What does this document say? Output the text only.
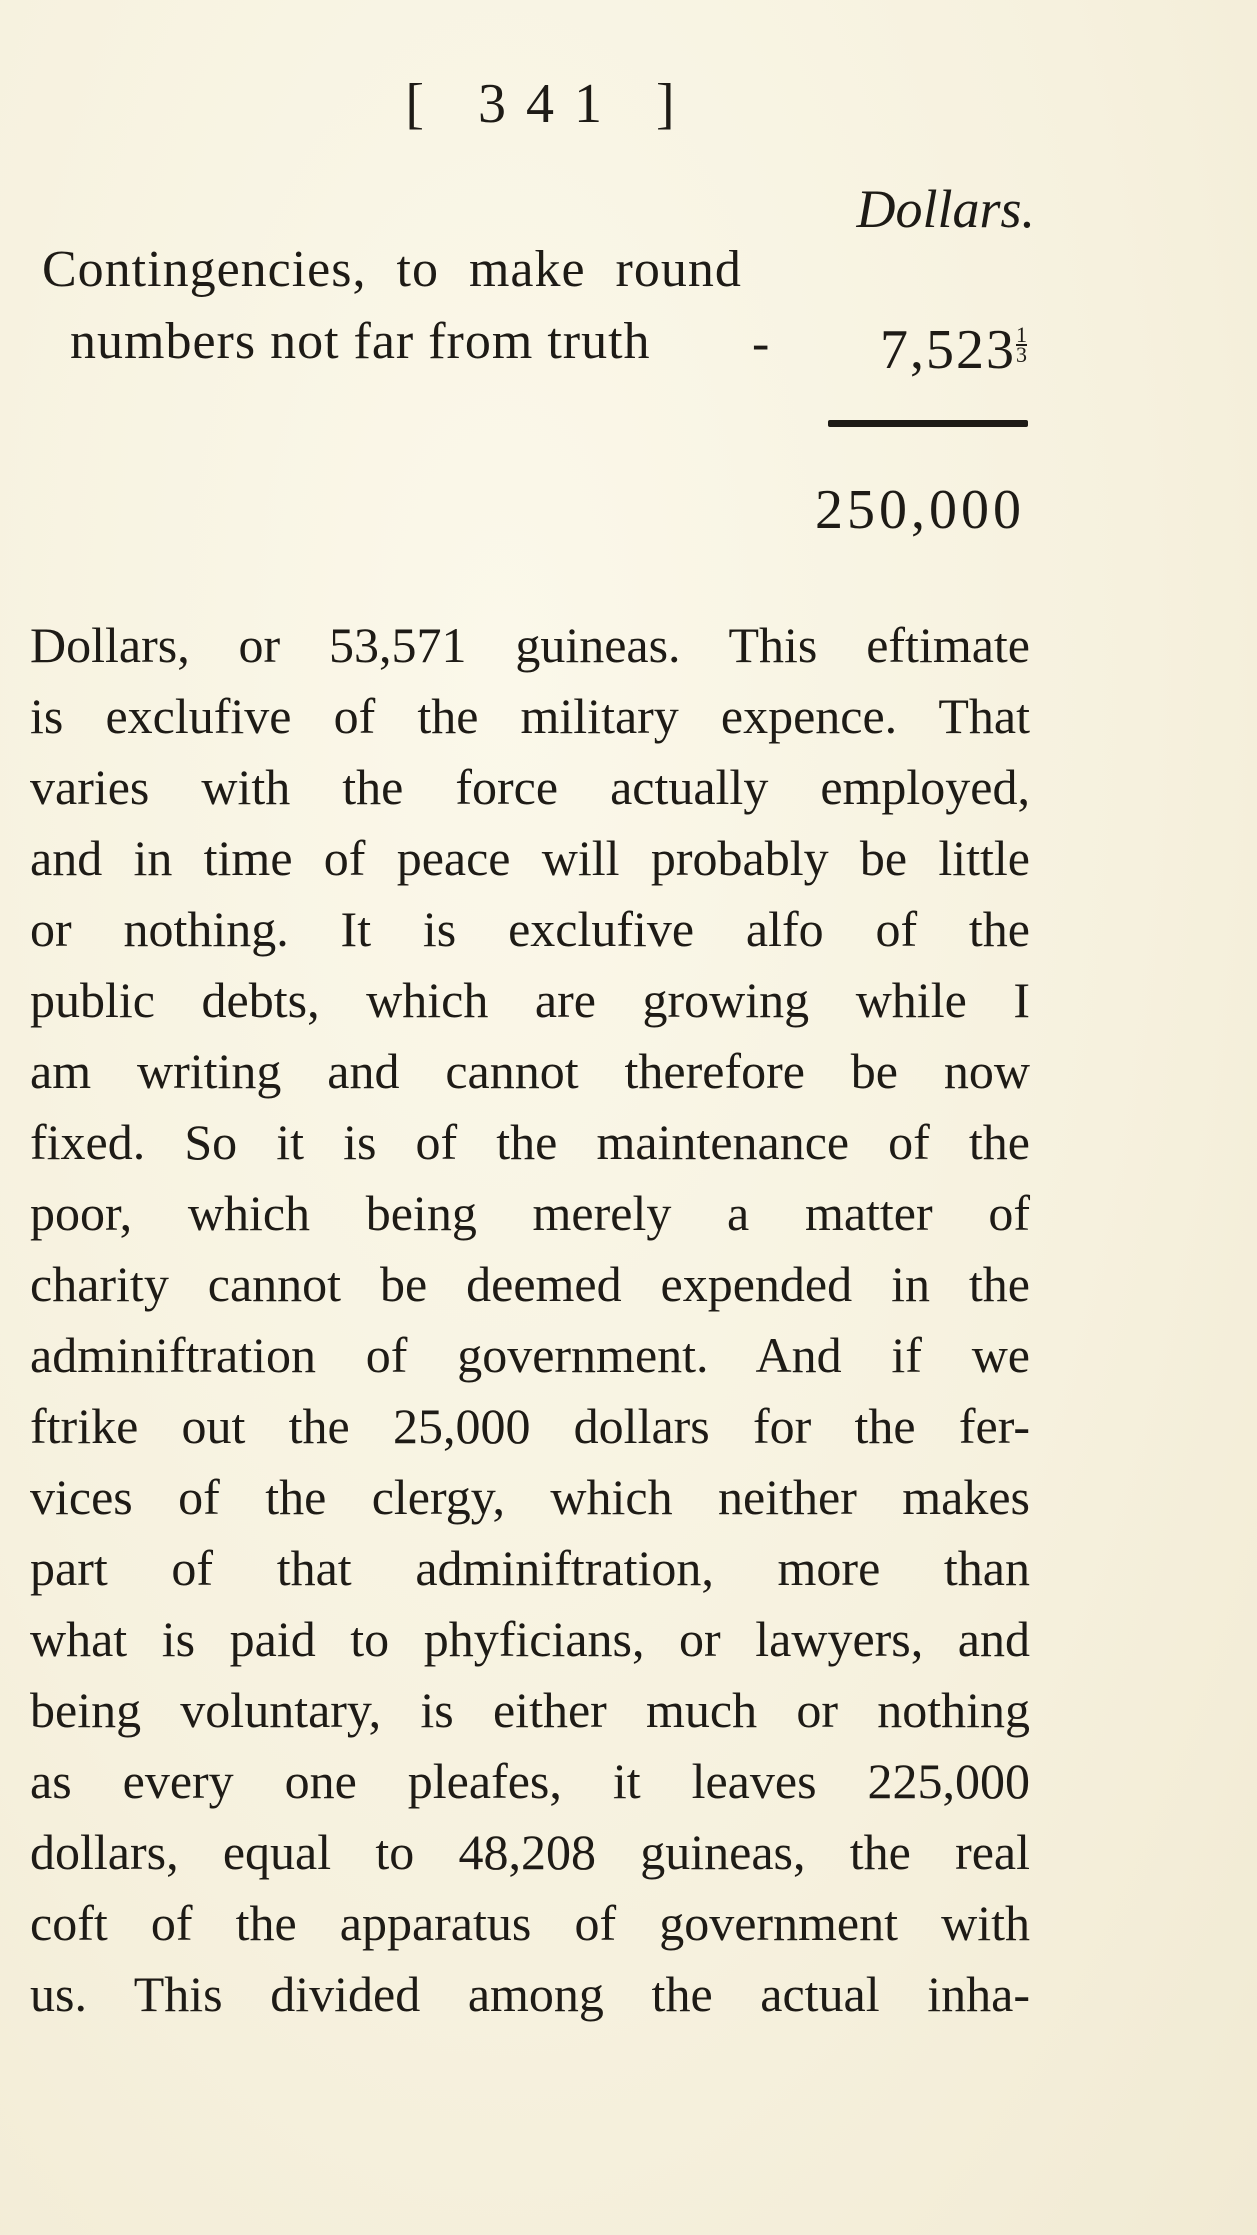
[ 341 ]
Dollars.
Contingencies, to make round
numbers not far from truth - $7,523 \frac{1}{3}$
250,000
Dollars, or 53,571 guineas. This eftimate
is exclufive of the military expence. That
varies with the force actually employed,
and in time of peace will probably be little
or nothing. It is exclufive alfo of the
public debts, which are growing while I
am writing and cannot therefore be now
fixed. So it is of the maintenance of the
poor, which being merely a matter of
charity cannot be deemed expended in the
adminiftration of government. And if we
ftrike out the 25,000 dollars for the fer-
vices of the clergy, which neither makes
part of that adminiftration, more than
what is paid to phyficians, or lawyers, and
being voluntary, is either much or nothing
as every one pleafes, it leaves 225,000
dollars, equal to 48,208 guineas, the real
coft of the apparatus of government with
us. This divided among the actual inha-
